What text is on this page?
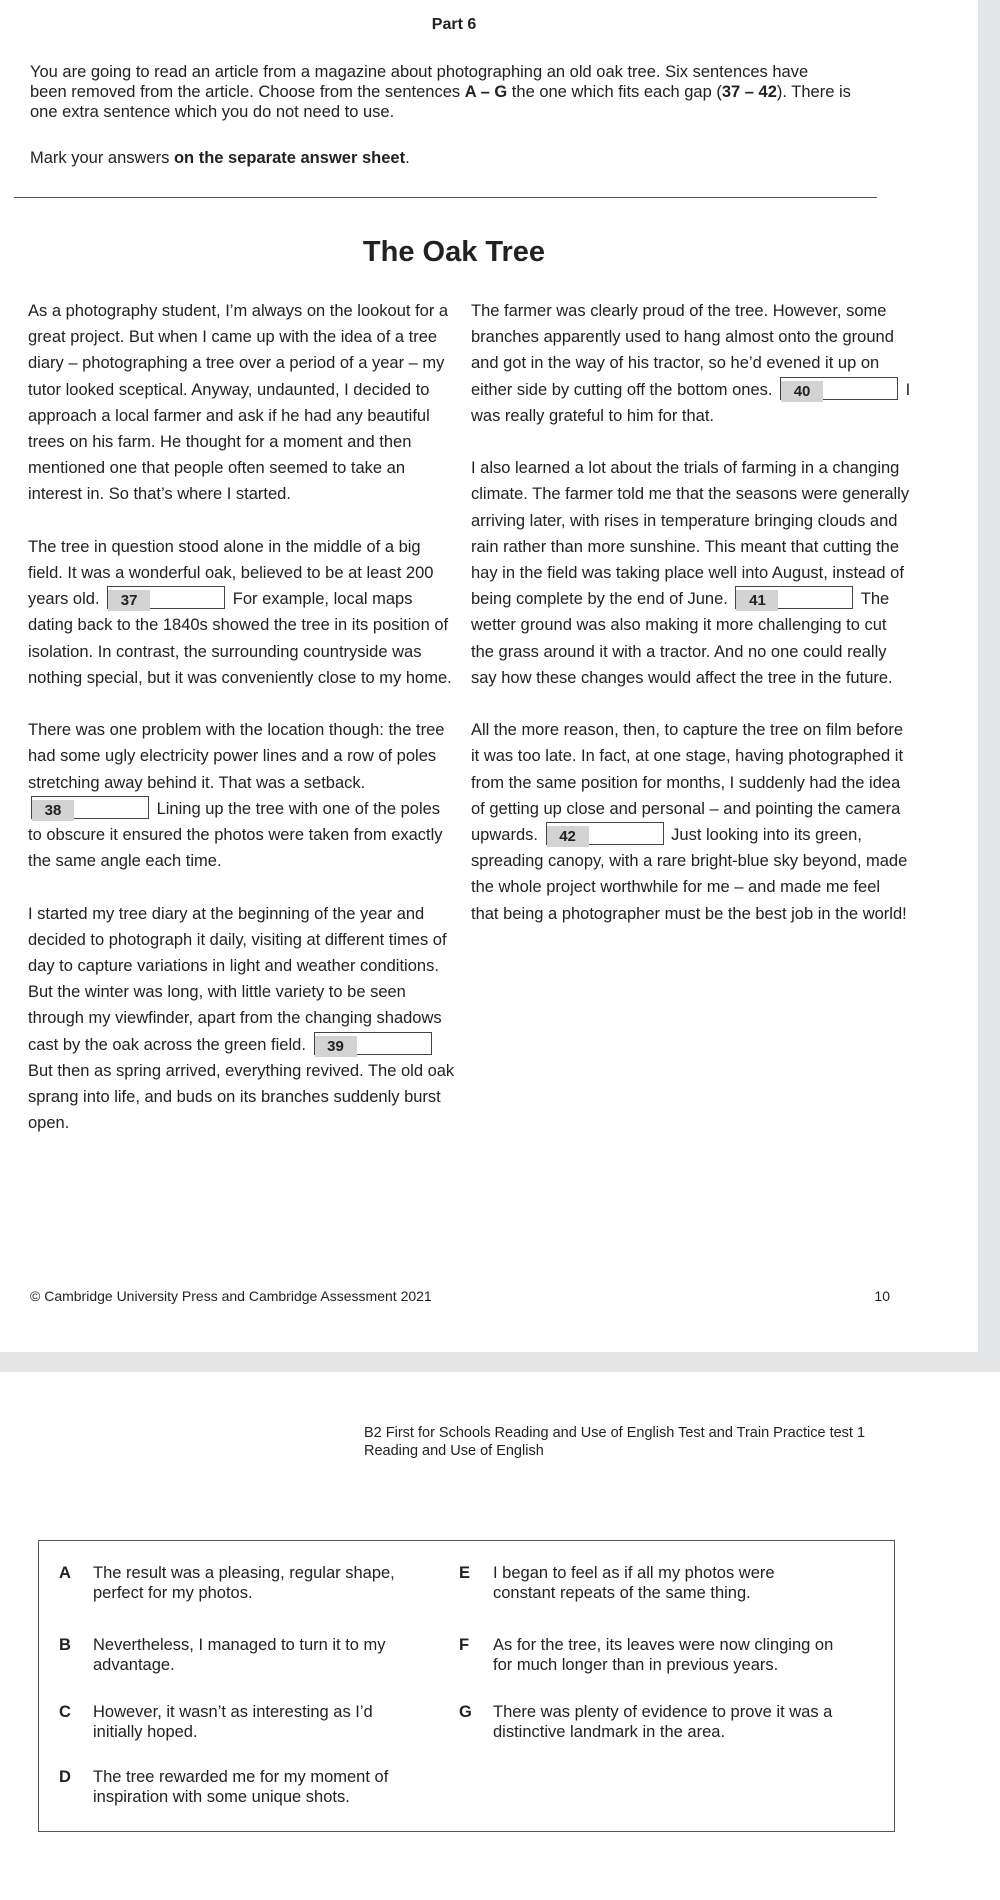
Part 6
You are going to read an article from a magazine about photographing an old oak tree. Six sentences have
been removed from the article. Choose from the sentences A – G the one which fits each gap (37 – 42). There is
one extra sentence which you do not need to use.
Mark your answers on the separate answer sheet.
The Oak Tree

As a photography student, I’m always on the lookout for a great project. But when I came up with the idea of a tree diary – photographing a tree over a period of a year – my tutor looked sceptical. Anyway, undaunted, I decided to approach a local farmer and ask if he had any beautiful trees on his farm. He thought for a moment and then mentioned one that people often seemed to take an interest in. So that’s where I started.

The tree in question stood alone in the middle of a big field. It was a wonderful oak, believed to be at least 200 years old. 37	For example, local maps dating back to the 1840s showed the tree in its position of isolation. In contrast, the surrounding countryside was nothing special, but it was conveniently close to my home.

There was one problem with the location though: the tree had some ugly electricity power lines and a row of poles stretching away behind it. That was a setback. 38	Lining up the tree with one of the poles to obscure it ensured the photos were taken from exactly the same angle each time.

I started my tree diary at the beginning of the year and decided to photograph it daily, visiting at different times of day to capture variations in light and weather conditions. But the winter was long, with little variety to be seen through my viewfinder, apart from the changing shadows cast by the oak across the green field. 39 But then as spring arrived, everything revived. The old oak sprang into life, and buds on its branches suddenly burst open.

The farmer was clearly proud of the tree. However, some branches apparently used to hang almost onto the ground and got in the way of his tractor, so he’d evened it up on either side by cutting off the bottom ones. 40	I was really grateful to him for that.

I also learned a lot about the trials of farming in a changing climate. The farmer told me that the seasons were generally arriving later, with rises in temperature bringing clouds and rain rather than more sunshine. This meant that cutting the hay in the field was taking place well into August, instead of being complete by the end of June. 41	The wetter ground was also making it more challenging to cut the grass around it with a tractor. And no one could really say how these changes would affect the tree in the future.

All the more reason, then, to capture the tree on film before it was too late. In fact, at one stage, having photographed it from the same position for months, I suddenly had the idea of getting up close and personal – and pointing the camera upwards. 42	Just looking into its green, spreading canopy, with a rare bright-blue sky beyond, made the whole project worthwhile for me – and made me feel that being a photographer must be the best job in the world!

© Cambridge University Press and Cambridge Assessment 2021	10
B2 First for Schools Reading and Use of English Test and Train Practice test 1
Reading and Use of English
A	The result was a pleasing, regular shape, perfect for my photos.
B	Nevertheless, I managed to turn it to my advantage.
C	However, it wasn’t as interesting as I’d initially hoped.
D	The tree rewarded me for my moment of inspiration with some unique shots.
E	I began to feel as if all my photos were constant repeats of the same thing.
F	As for the tree, its leaves were now clinging on for much longer than in previous years.
G	There was plenty of evidence to prove it was a distinctive landmark in the area.
